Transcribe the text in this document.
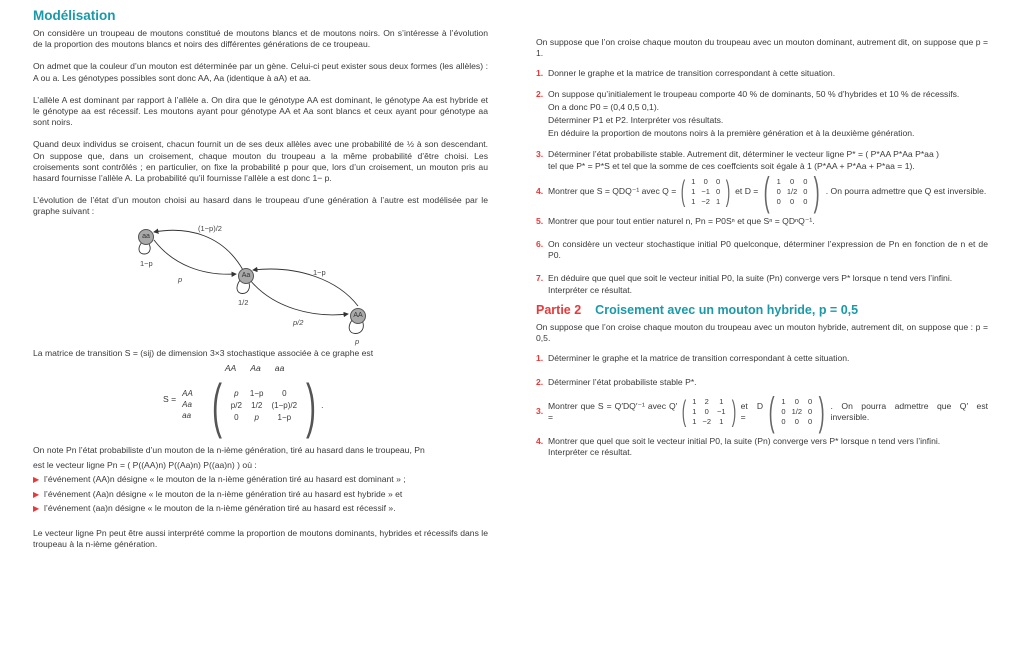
Modélisation

On considère un troupeau de moutons constitué de moutons blancs et de moutons noirs. On s’intéresse à l’évolution de la proportion des moutons blancs et noirs des différentes générations de ce troupeau.

On admet que la couleur d’un mouton est déterminée par un gène. Celui-ci peut exister sous deux formes (les allèles) : A ou a. Les génotypes possibles sont donc AA, Aa (identique à aA) et aa.

L’allèle A est dominant par rapport à l’allèle a. On dira que le génotype AA est dominant, le génotype Aa est hybride et le génotype aa est récessif. Les moutons ayant pour génotype AA et Aa sont blancs et ceux ayant pour génotype aa sont noirs.

Quand deux individus se croisent, chacun fournit un de ses deux allèles avec une probabilité de ½ à son descendant. On suppose que, dans un croisement, chaque mouton du troupeau a la même probabilité d’être choisi. Les croisements sont contrôlés ; en particulier, on fixe la probabilité p pour que, lors d’un croisement, un mouton pris au hasard fournisse l’allèle A. La probabilité qu’il fournisse l’allèle a est donc 1− p.

L’évolution de l’état d’un mouton choisi au hasard dans le troupeau d’une génération à l’autre est modélisée par le graphe suivant :

aa
Aa
AA
1−p
p
(1−p)/2
1/2
1−p
p/2
p

La matrice de transition S = (sij) de dimension 3×3 stochastique associée à ce graphe est

S =
AA
Aa
aa
AA Aa aa
( p	1−p	0
p/2	1/2	(1−p)/2
0	p	1−p ) .

On note Pn l’état probabiliste d’un mouton de la n-ième génération, tiré au hasard dans le troupeau, Pn

est le vecteur ligne Pn = ( P((AA)n) P((Aa)n) P((aa)n) ) où :

▶ l’événement (AA)n désigne « le mouton de la n-ième génération tiré au hasard est dominant » ;
▶ l’événement (Aa)n désigne « le mouton de la n-ième génération tiré au hasard est hybride » et
▶ l’événement (aa)n désigne « le mouton de la n-ième génération tiré au hasard est récessif ».

Le vecteur ligne Pn peut être aussi interprété comme la proportion de moutons dominants, hybrides et récessifs dans le troupeau à la n-ième génération.

On suppose que l’on croise chaque mouton du troupeau avec un mouton dominant, autrement dit, on suppose que p = 1.

1. Donner le graphe et la matrice de transition correspondant à cette situation.
2. On suppose qu’initialement le troupeau comporte 40 % de dominants, 50 % d’hybrides et 10 % de récessifs.
On a donc P0 = (0,4 0,5 0,1).
Déterminer P1 et P2. Interpréter vos résultats.
En déduire la proportion de moutons noirs à la première génération et à la deuxième génération.
3. Déterminer l’état probabiliste stable. Autrement dit, déterminer le vecteur ligne P* = ( P*AA P*Aa P*aa )
tel que P* = P*S et tel que la somme de ces coeffcients soit égale à 1 (P*AA + P*Aa + P*aa = 1).
4. Montrer que S = QDQ⁻¹ avec Q = ( 1	0	0
1	−1	0
1	−2	1 ) et D = ( 1	0	0
0	1/2	0
0	0	0 ) . On pourra admettre que Q est inversible.
5. Montrer que pour tout entier naturel n, Pn = P0Sⁿ et que Sⁿ = QDⁿQ⁻¹.
6. On considère un vecteur stochastique initial P0 quelconque, déterminer l’expression de Pn en fonction de n et de P0.
7. En déduire que quel que soit le vecteur initial P0, la suite (Pn) converge vers P* lorsque n tend vers l’infini.
Interpréter ce résultat.
Partie 2 Croisement avec un mouton hybride, p = 0,5

On suppose que l’on croise chaque mouton du troupeau avec un mouton hybride, autrement dit, on suppose que : p = 0,5.

1. Déterminer le graphe et la matrice de transition correspondant à cette situation.
2. Déterminer l’état probabiliste stable P*.
3.
Montrer que S = Q′DQ′⁻¹ avec Q′ =	( 1	2	1
1	0	−1
1	−2	1 ) et D = ( 1	0	0
0	1/2	0
0	0	0 ) . On pourra admettre que Q′ est inversible.
4. Montrer que quel que soit le vecteur initial P0, la suite (Pn) converge vers P* lorsque n tend vers l’infini.
Interpréter ce résultat.
